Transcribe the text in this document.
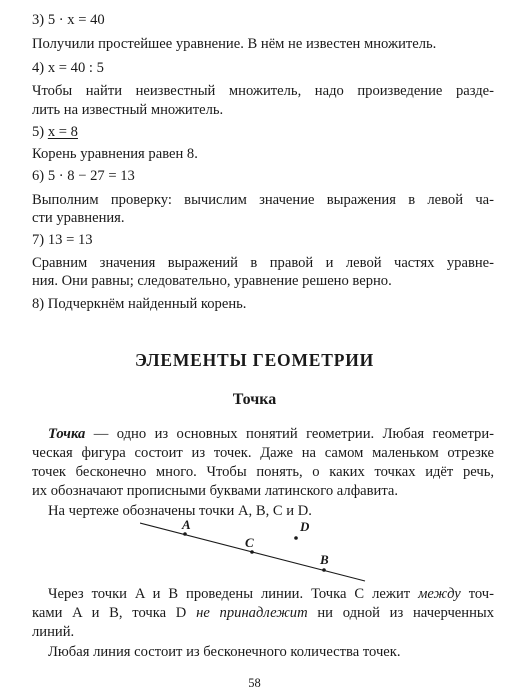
3) 5 · x = 40
Получили простейшее уравнение. В нём не известен множитель.
4) x = 40 : 5
Чтобы найти неизвестный множитель, надо произведение разде-
лить на известный множитель.
5) x = 8
Корень уравнения равен 8.
6) 5 · 8 − 27 = 13
Выполним проверку: вычислим значение выражения в левой ча-
сти уравнения.
7) 13 = 13
Сравним значения выражений в правой и левой частях уравне-
ния. Они равны; следовательно, уравнение решено верно.
8) Подчеркнём найденный корень.
ЭЛЕМЕНТЫ ГЕОМЕТРИИ
Точка
Точка — одно из основных понятий геометрии. Любая геометри-
ческая фигура состоит из точек. Даже на самом маленьком отрезке
точек бесконечно много. Чтобы понять, о каких точках идёт речь,
их обозначают прописными буквами латинского алфавита.
На чертеже обозначены точки A, B, C и D.
A
C
D
B
Через точки A и B проведены линии. Точка C лежит между точ-
ками A и B, точка D не принадлежит ни одной из начерченных
линий.
Любая линия состоит из бесконечного количества точек.
58
